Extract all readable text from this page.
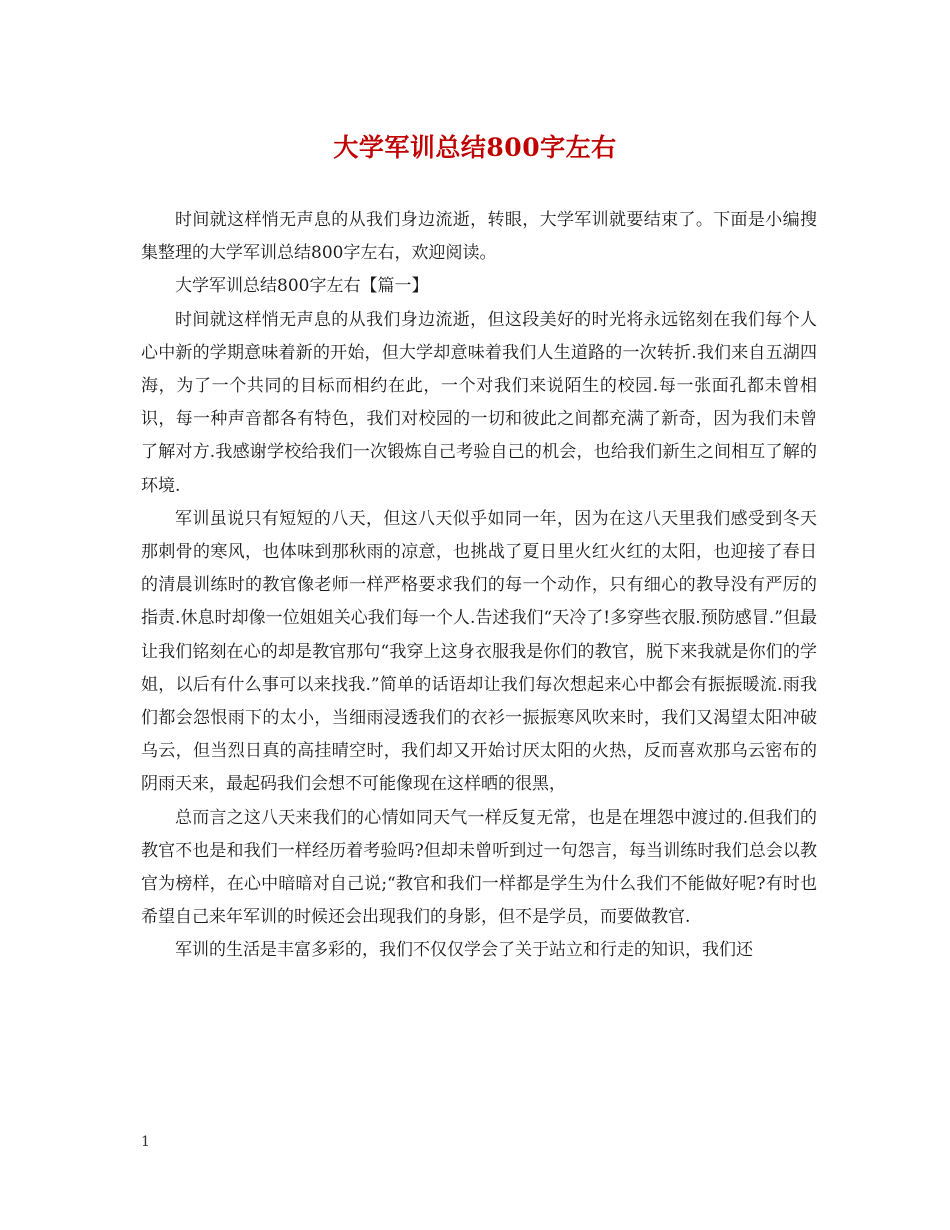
大学军训总结800字左右

时间就这样悄无声息的从我们身边流逝，转眼，大学军训就要结束了。下面是小编搜集整理的大学军训总结800字左右，欢迎阅读。

大学军训总结800字左右【篇一】

时间就这样悄无声息的从我们身边流逝，但这段美好的时光将永远铭刻在我们每个人心中新的学期意味着新的开始，但大学却意味着我们人生道路的一次转折.我们来自五湖四海，为了一个共同的目标而相约在此，一个对我们来说陌生的校园.每一张面孔都未曾相识，每一种声音都各有特色，我们对校园的一切和彼此之间都充满了新奇，因为我们未曾了解对方.我感谢学校给我们一次锻炼自己考验自己的机会，也给我们新生之间相互了解的环境.

军训虽说只有短短的八天，但这八天似乎如同一年，因为在这八天里我们感受到冬天那刺骨的寒风，也体味到那秋雨的凉意，也挑战了夏日里火红火红的太阳，也迎接了春日的清晨训练时的教官像老师一样严格要求我们的每一个动作，只有细心的教导没有严厉的指责.休息时却像一位姐姐关心我们每一个人.告述我们“天冷了!多穿些衣服.预防感冒.”但最让我们铭刻在心的却是教官那句“我穿上这身衣服我是你们的教官，脱下来我就是你们的学姐，以后有什么事可以来找我.”简单的话语却让我们每次想起来心中都会有振振暖流.雨我们都会怨恨雨下的太小，当细雨浸透我们的衣衫一振振寒风吹来时，我们又渴望太阳冲破乌云，但当烈日真的高挂晴空时，我们却又开始讨厌太阳的火热，反而喜欢那乌云密布的阴雨天来，最起码我们会想不可能像现在这样晒的很黑，

总而言之这八天来我们的心情如同天气一样反复无常，也是在埋怨中渡过的.但我们的教官不也是和我们一样经历着考验吗?但却未曾听到过一句怨言，每当训练时我们总会以教官为榜样，在心中暗暗对自己说;“教官和我们一样都是学生为什么我们不能做好呢?有时也希望自己来年军训的时候还会出现我们的身影，但不是学员，而要做教官.

军训的生活是丰富多彩的，我们不仅仅学会了关于站立和行走的知识，我们还

1
